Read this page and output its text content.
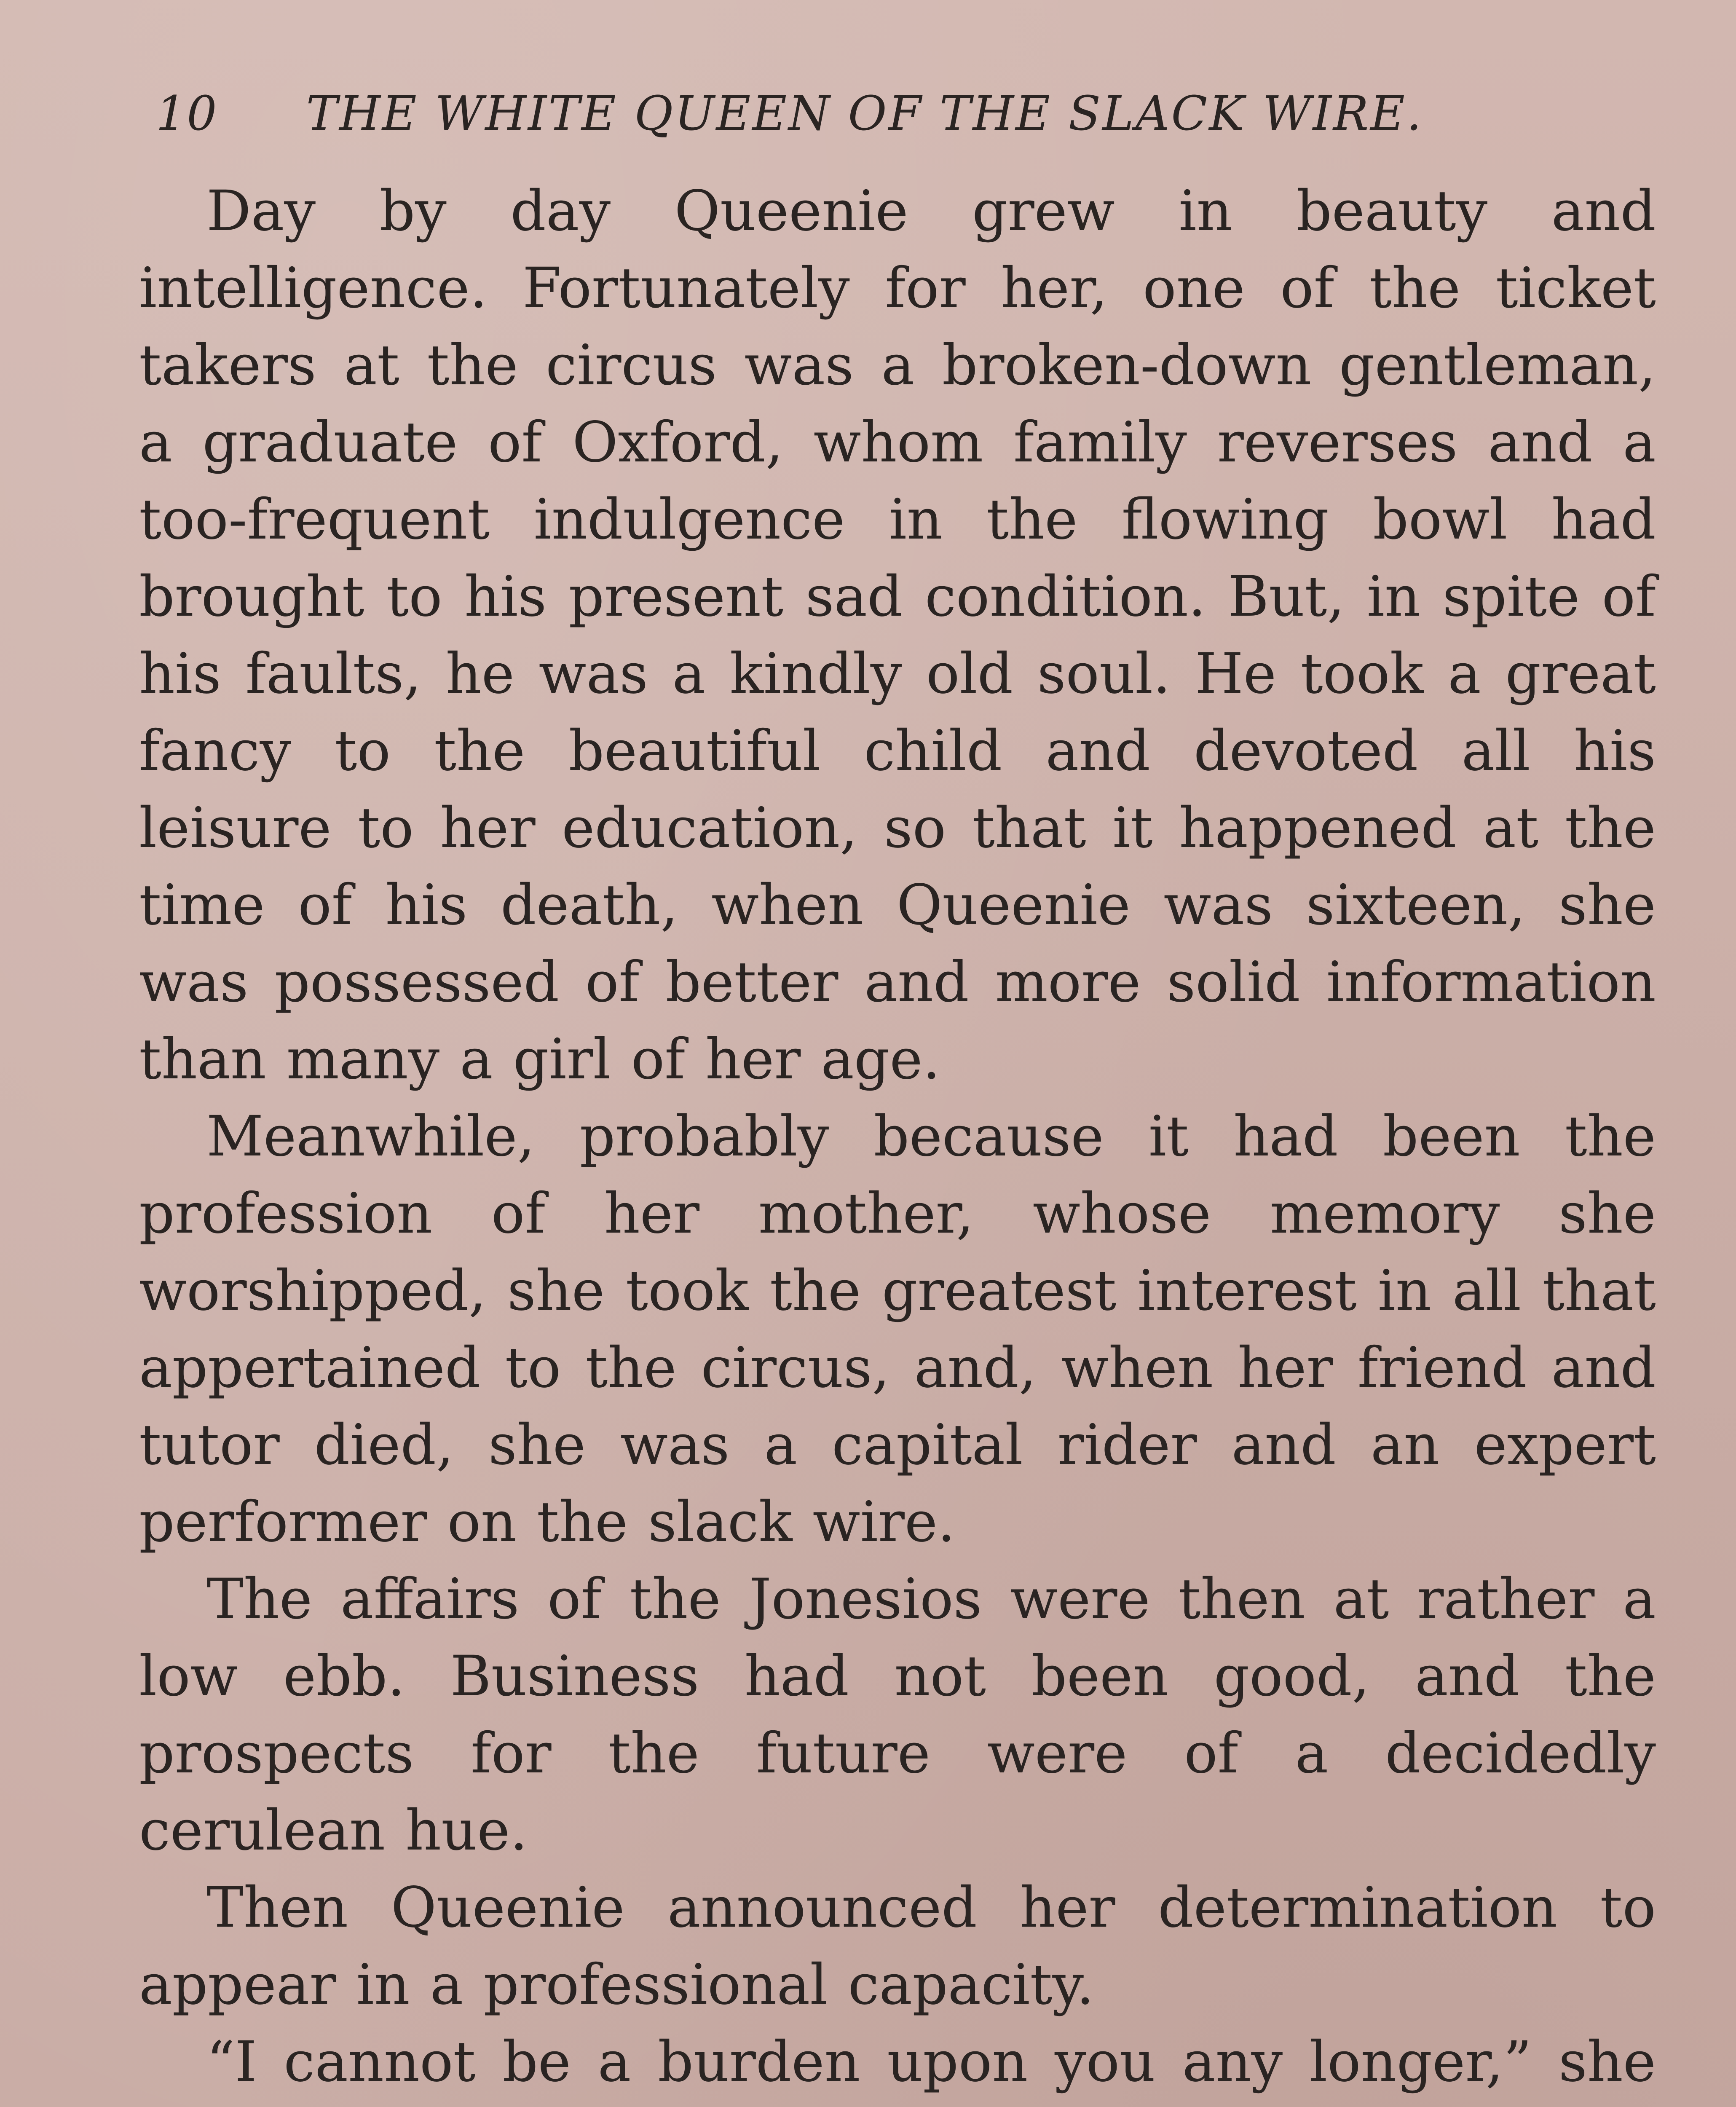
10 THE WHITE QUEEN OF THE SLACK WIRE.

Day by day Queenie grew in beauty and intelligence. Fortunately for her, one of the ticket takers at the circus was a broken-down gentleman, a graduate of Oxford, whom family reverses and a too-frequent indulgence in the flowing bowl had brought to his present sad condition. But, in spite of his faults, he was a kindly old soul. He took a great fancy to the beautiful child and devoted all his leisure to her education, so that it happened at the time of his death, when Queenie was sixteen, she was possessed of better and more solid information than many a girl of her age.

Meanwhile, probably because it had been the profession of her mother, whose memory she worshipped, she took the greatest interest in all that appertained to the circus, and, when her friend and tutor died, she was a capital rider and an expert performer on the slack wire.

The affairs of the Jonesios were then at rather a low ebb. Business had not been good, and the prospects for the future were of a decidedly cerulean hue.

Then Queenie announced her determination to appear in a professional capacity.

“I cannot be a burden upon you any longer,” she
